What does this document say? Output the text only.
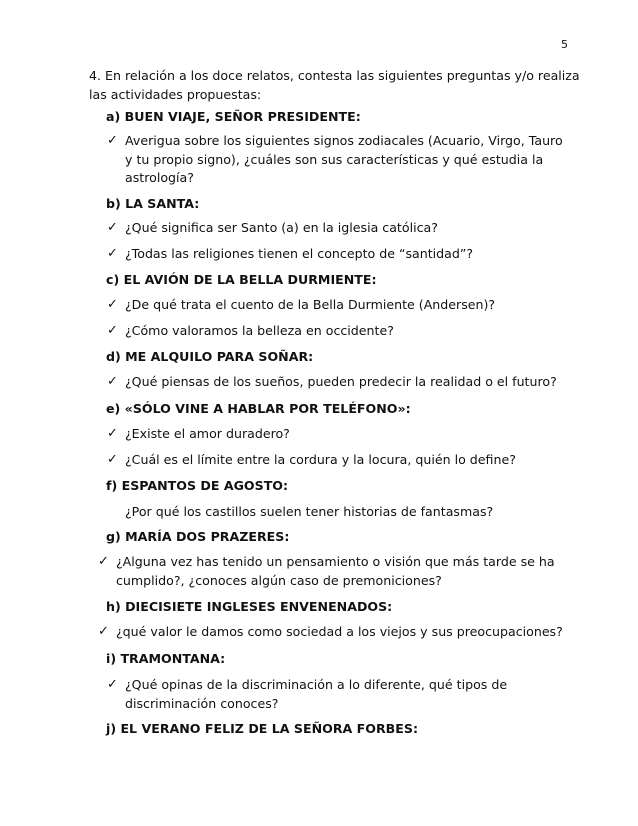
5
4. En relación a los doce relatos, contesta las siguientes preguntas y/o realiza las actividades propuestas:
a) BUEN VIAJE, SEÑOR PRESIDENTE:
✓ Averigua sobre los siguientes signos zodiacales (Acuario, Virgo, Tauro y tu propio signo), ¿cuáles son sus características y qué estudia la astrología?
b) LA SANTA:
✓ ¿Qué significa ser Santo (a) en la iglesia católica?
✓ ¿Todas las religiones tienen el concepto de “santidad”?
c) EL AVIÓN DE LA BELLA DURMIENTE:
✓ ¿De qué trata el cuento de la Bella Durmiente (Andersen)?
✓ ¿Cómo valoramos la belleza en occidente?
d) ME ALQUILO PARA SOÑAR:
✓ ¿Qué piensas de los sueños, pueden predecir la realidad o el futuro?
e) «SÓLO VINE A HABLAR POR TELÉFONO»:
✓ ¿Existe el amor duradero?
✓ ¿Cuál es el límite entre la cordura y la locura, quién lo define?
f) ESPANTOS DE AGOSTO:
¿Por qué los castillos suelen tener historias de fantasmas?
g) MARÍA DOS PRAZERES:
✓ ¿Alguna vez has tenido un pensamiento o visión que más tarde se ha cumplido?, ¿conoces algún caso de premoniciones?
h) DIECISIETE INGLESES ENVENENADOS:
✓ ¿qué valor le damos como sociedad a los viejos y sus preocupaciones?
i) TRAMONTANA:
✓ ¿Qué opinas de la discriminación a lo diferente, qué tipos de discriminación conoces?
j) EL VERANO FELIZ DE LA SEÑORA FORBES:
